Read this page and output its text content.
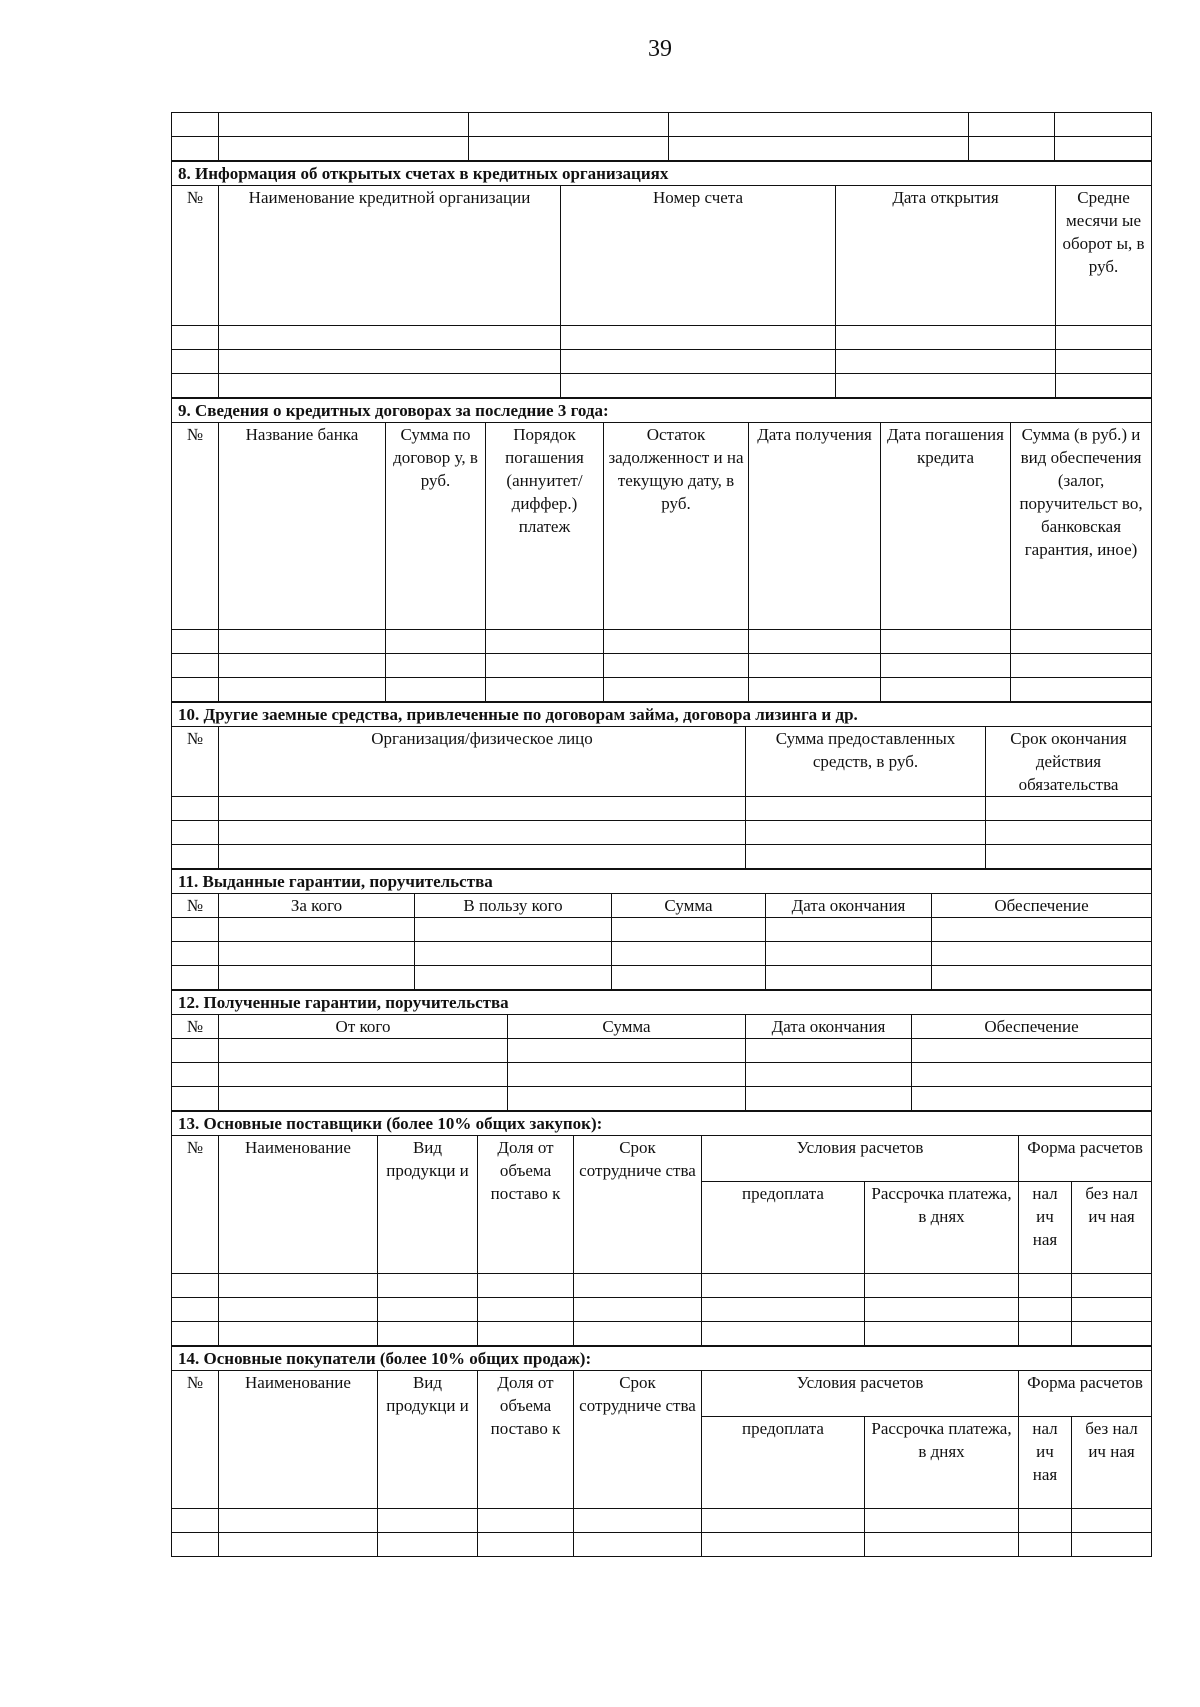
39

8. Информация об открытых счетах в кредитных организациях				
№	Наименование кредитной организации	Номер счета	Дата открытия	Средне месячи ые оборот ы, в руб.

9. Сведения о кредитных договорах за последние 3 года:							
№	Название банка	Сумма по договор у, в руб.	Порядок погашения (аннуитет/ диффер.) платеж	Остаток задолженност и на текущую дату, в руб.	Дата получения	Дата погашения кредита	Сумма (в руб.) и вид обеспечения (залог, поручительст во, банковская гарантия, иное)

10. Другие заемные средства, привлеченные по договорам займа, договора лизинга и др.			
№	Организация/физическое лицо	Сумма предоставленных средств, в руб.	Срок окончания действия обязательства

11. Выданные гарантии, поручительства					
№	За кого	В пользу кого	Сумма	Дата окончания	Обеспечение

12. Полученные гарантии, поручительства				
№	От кого	Сумма	Дата окончания	Обеспечение

13. Основные поставщики (более 10% общих закупок):								
№	Наименование	Вид продукци и	Доля от объема поставо к	Срок сотрудниче ства	Условия расчетов		Форма расчетов	
					предоплата	Рассрочка платежа, в днях	нал ич ная	без нал ич ная

14. Основные покупатели (более 10% общих продаж):								
№	Наименование	Вид продукци и	Доля от объема поставо к	Срок сотрудниче ства	Условия расчетов		Форма расчетов	
					предоплата	Рассрочка платежа, в днях	нал ич ная	без нал ич ная
